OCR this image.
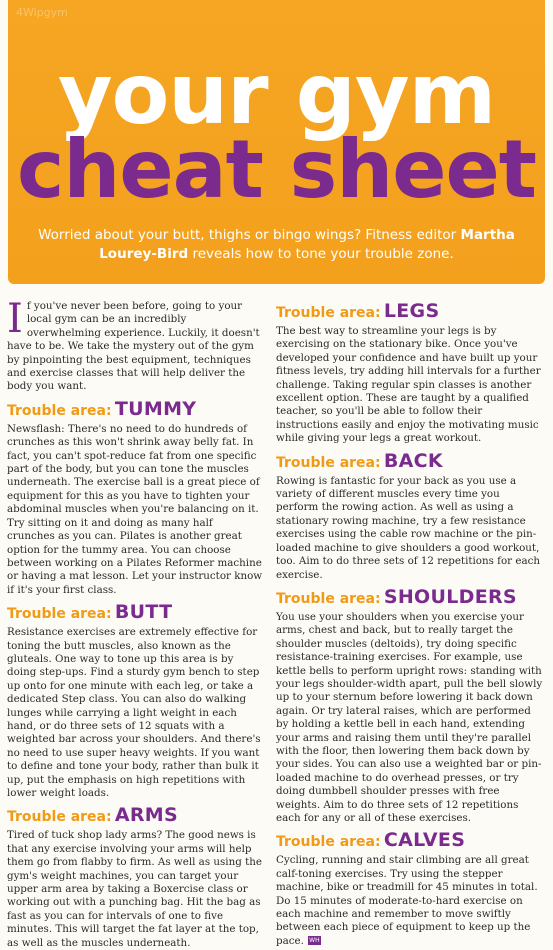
4Wipgym
your gym
cheat sheet
Worried about your butt, thighs or bingo wings? Fitness editor Martha Lourey-Bird reveals how to tone your trouble zone.
I f you've never been before, going to your local gym can be an incredibly overwhelming experience. Luckily, it doesn't have to be. We take the mystery out of the gym by pinpointing the best equipment, techniques and exercise classes that will help deliver the body you want.
Trouble area: TUMMY
Newsflash: There's no need to do hundreds of crunches as this won't shrink away belly fat. In fact, you can't spot-reduce fat from one specific part of the body, but you can tone the muscles underneath. The exercise ball is a great piece of equipment for this as you have to tighten your abdominal muscles when you're balancing on it. Try sitting on it and doing as many half crunches as you can. Pilates is another great option for the tummy area. You can choose between working on a Pilates Reformer machine or having a mat lesson. Let your instructor know if it's your first class.
Trouble area: BUTT
Resistance exercises are extremely effective for toning the butt muscles, also known as the gluteals. One way to tone up this area is by doing step-ups. Find a sturdy gym bench to step up onto for one minute with each leg, or take a dedicated Step class. You can also do walking lunges while carrying a light weight in each hand, or do three sets of 12 squats with a weighted bar across your shoulders. And there's no need to use super heavy weights. If you want to define and tone your body, rather than bulk it up, put the emphasis on high repetitions with lower weight loads.
Trouble area: ARMS
Tired of tuck shop lady arms? The good news is that any exercise involving your arms will help them go from flabby to firm. As well as using the gym's weight machines, you can target your upper arm area by taking a Boxercise class or working out with a punching bag. Hit the bag as fast as you can for intervals of one to five minutes. This will target the fat layer at the top, as well as the muscles underneath.
Trouble area: LEGS
The best way to streamline your legs is by exercising on the stationary bike. Once you've developed your confidence and have built up your fitness levels, try adding hill intervals for a further challenge. Taking regular spin classes is another excellent option. These are taught by a qualified teacher, so you'll be able to follow their instructions easily and enjoy the motivating music while giving your legs a great workout.
Trouble area: BACK
Rowing is fantastic for your back as you use a variety of different muscles every time you perform the rowing action. As well as using a stationary rowing machine, try a few resistance exercises using the cable row machine or the pin-loaded machine to give shoulders a good workout, too. Aim to do three sets of 12 repetitions for each exercise.
Trouble area: SHOULDERS
You use your shoulders when you exercise your arms, chest and back, but to really target the shoulder muscles (deltoids), try doing specific resistance-training exercises. For example, use kettle bells to perform upright rows: standing with your legs shoulder-width apart, pull the bell slowly up to your sternum before lowering it back down again. Or try lateral raises, which are performed by holding a kettle bell in each hand, extending your arms and raising them until they're parallel with the floor, then lowering them back down by your sides. You can also use a weighted bar or pin-loaded machine to do overhead presses, or try doing dumbbell shoulder presses with free weights. Aim to do three sets of 12 repetitions each for any or all of these exercises.
Trouble area: CALVES
Cycling, running and stair climbing are all great calf-toning exercises. Try using the stepper machine, bike or treadmill for 45 minutes in total. Do 15 minutes of moderate-to-hard exercise on each machine and remember to move swiftly between each piece of equipment to keep up the pace. WH
